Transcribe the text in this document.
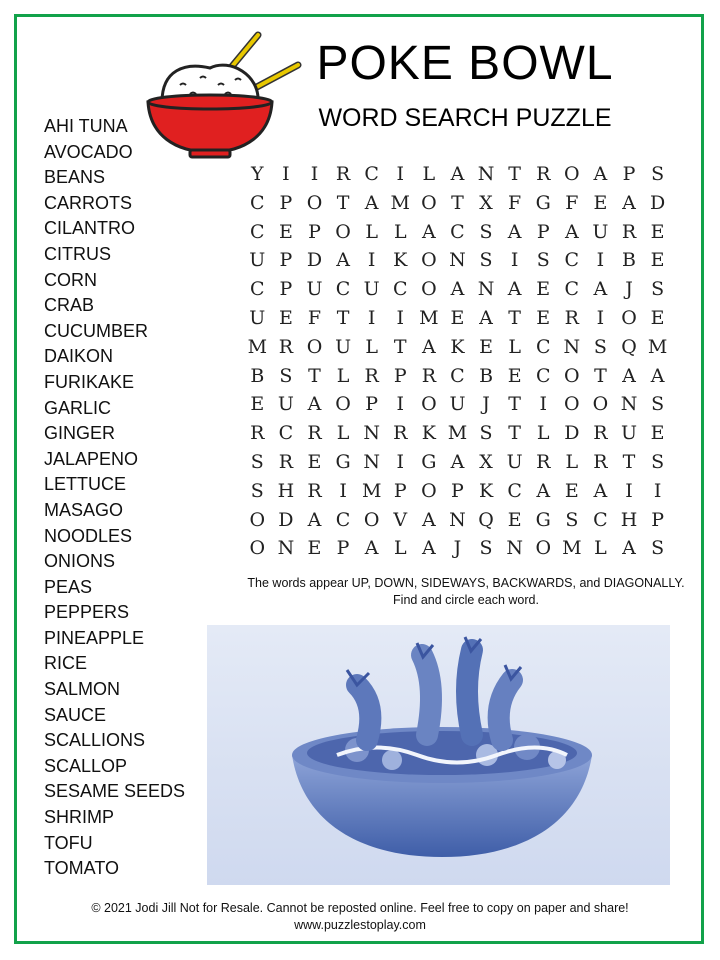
POKE BOWL
WORD SEARCH PUZZLE
AHI TUNA
AVOCADO
BEANS
CARROTS
CILANTRO
CITRUS
CORN
CRAB
CUCUMBER
DAIKON
FURIKAKE
GARLIC
GINGER
JALAPENO
LETTUCE
MASAGO
NOODLES
ONIONS
PEAS
PEPPERS
PINEAPPLE
RICE
SALMON
SAUCE
SCALLIONS
SCALLOP
SESAME SEEDS
SHRIMP
TOFU
TOMATO
Y I	I R C I L A N T R O A P S
C P O T A M O T X F G F E A D
C E P O L L A C S A P A U R E
U P D A I K O N S I S C I B E
C P U C U C O A N A E C A J S
U E F T I	I M E A T E R I O E
M R O U L T A K E L C N S Q M
B S T L R P R C B E C O T A A
E U A O P I O U J T I O O N S
R C R L N R K M S T L D R U E
S R E G N I G A X U R L R T S
S H R I M P O P K C A E A I	I
O D A C O V A N Q E G S C H P
O N E P A L A J S N O M L A S
The words appear UP, DOWN, SIDEWAYS, BACKWARDS, and DIAGONALLY.
Find and circle each word.
© 2021 Jodi Jill Not for Resale. Cannot be reposted online. Feel free to copy on paper and share!
www.puzzlestoplay.com
